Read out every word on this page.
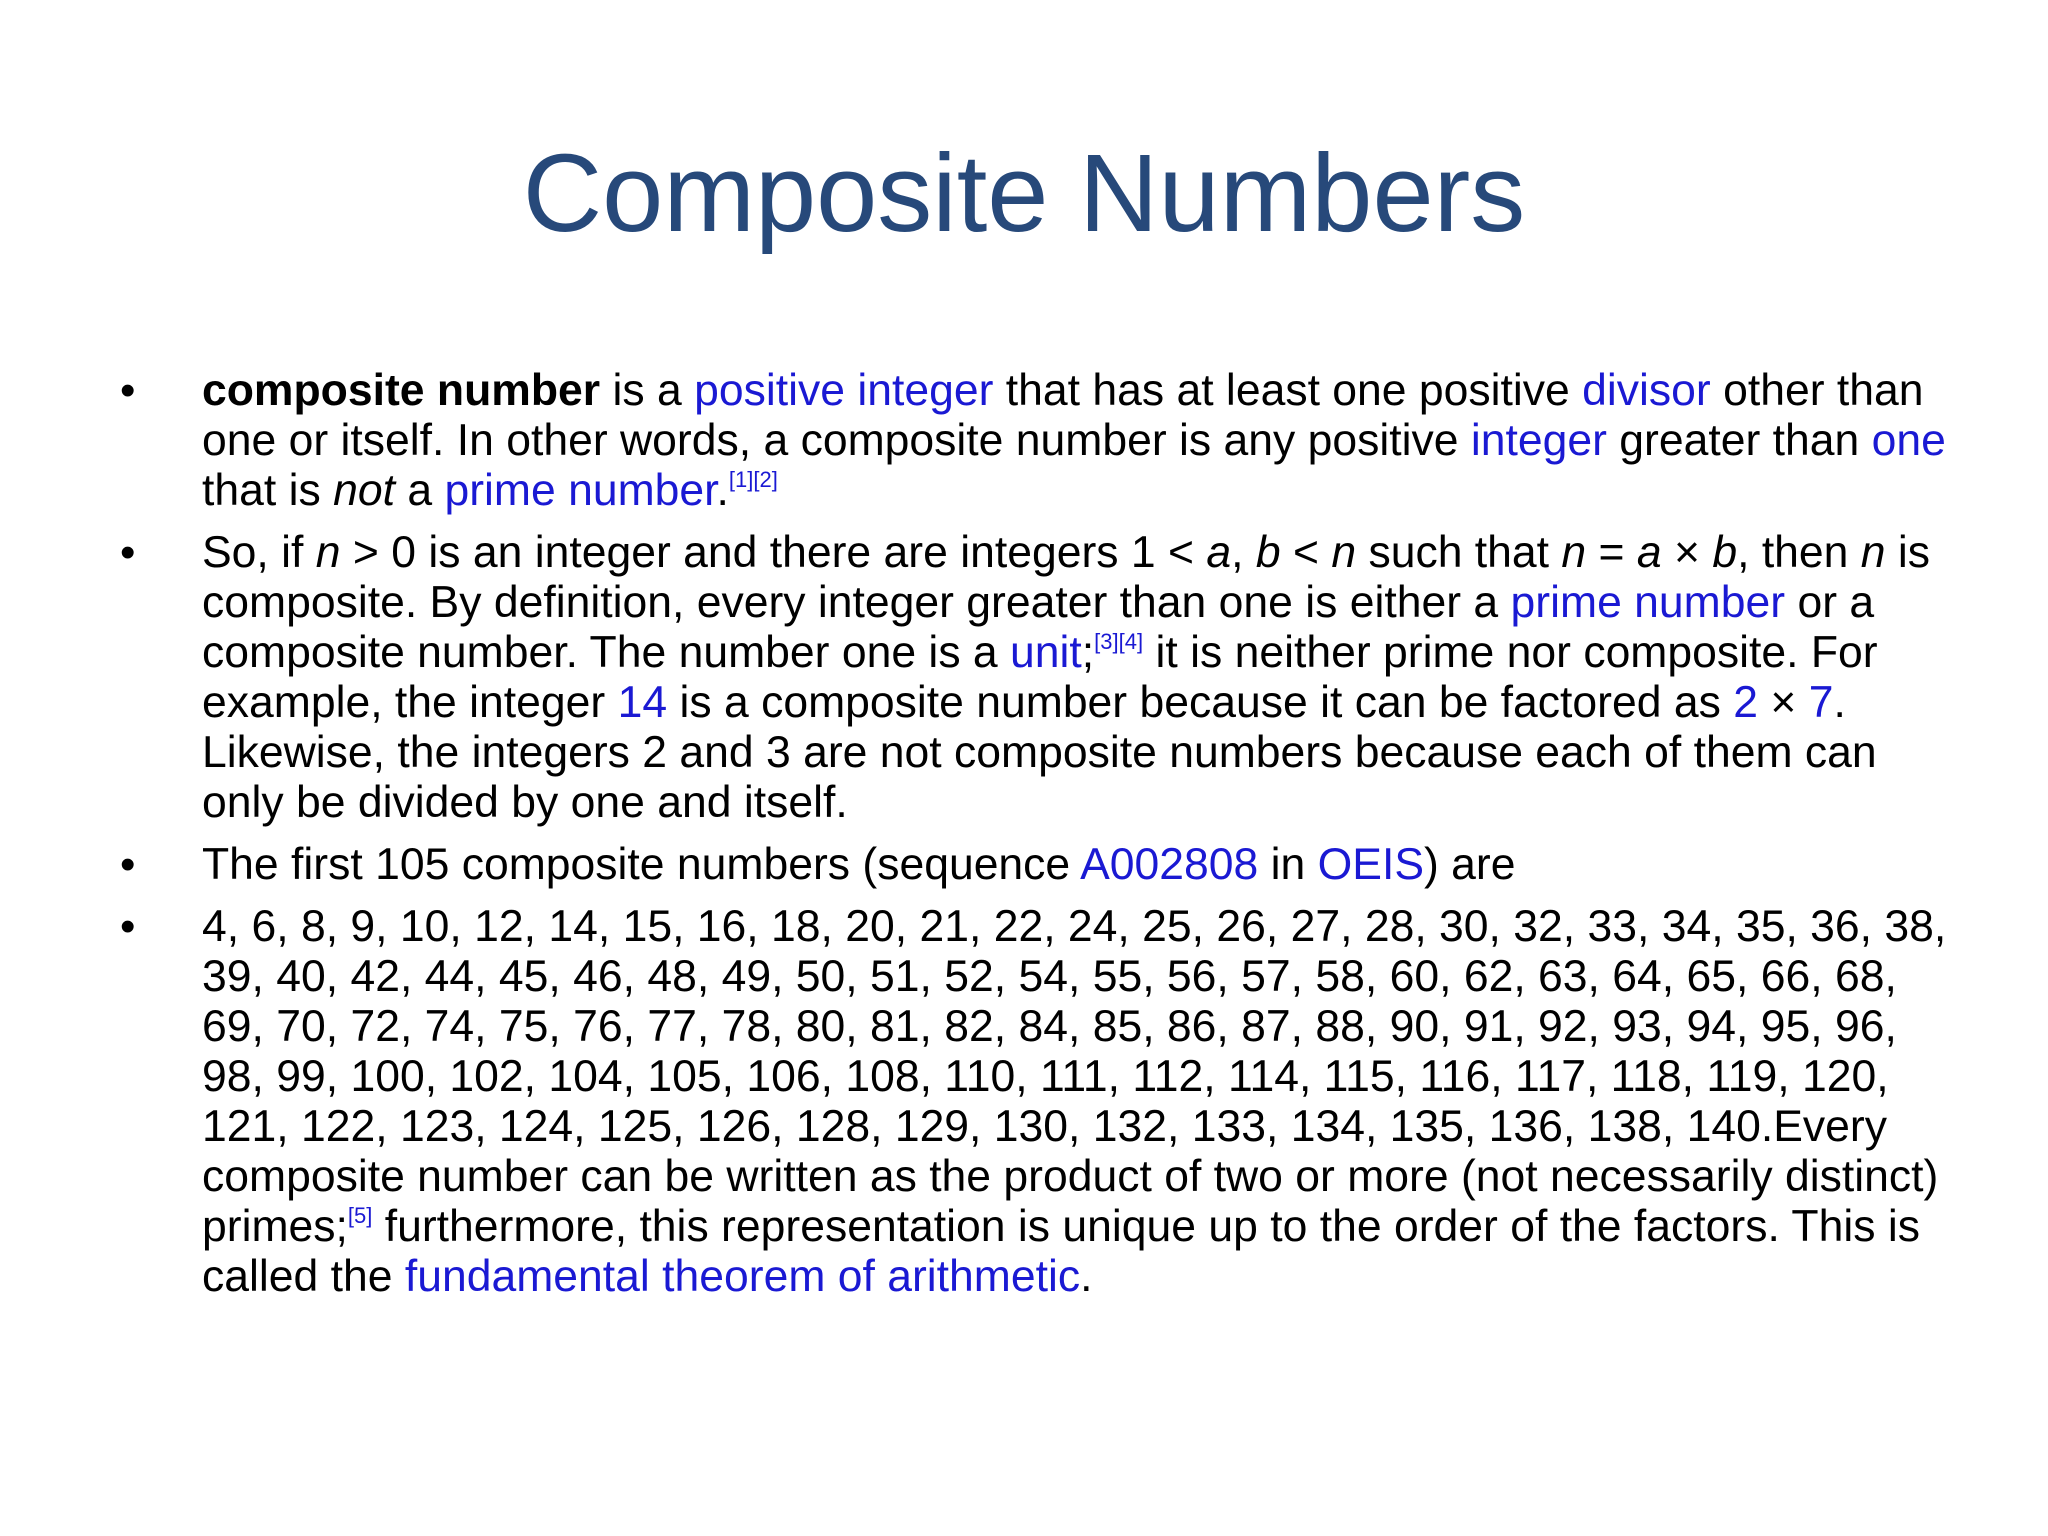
Composite Numbers
• composite number is a positive integer that has at least one positive divisor other than one or itself. In other words, a composite number is any positive integer greater than one that is not a prime number.[1][2]
• So, if n > 0 is an integer and there are integers 1 < a, b < n such that n = a × b, then n is composite. By definition, every integer greater than one is either a prime number or a composite number. The number one is a unit;[3][4] it is neither prime nor composite. For example, the integer 14 is a composite number because it can be factored as 2 × 7. Likewise, the integers 2 and 3 are not composite numbers because each of them can only be divided by one and itself.
• The first 105 composite numbers (sequence A002808 in OEIS) are
• 4, 6, 8, 9, 10, 12, 14, 15, 16, 18, 20, 21, 22, 24, 25, 26, 27, 28, 30, 32, 33, 34, 35, 36, 38, 39, 40, 42, 44, 45, 46, 48, 49, 50, 51, 52, 54, 55, 56, 57, 58, 60, 62, 63, 64, 65, 66, 68, 69, 70, 72, 74, 75, 76, 77, 78, 80, 81, 82, 84, 85, 86, 87, 88, 90, 91, 92, 93, 94, 95, 96, 98, 99, 100, 102, 104, 105, 106, 108, 110, 111, 112, 114, 115, 116, 117, 118, 119, 120, 121, 122, 123, 124, 125, 126, 128, 129, 130, 132, 133, 134, 135, 136, 138, 140.Every composite number can be written as the product of two or more (not necessarily distinct) primes;[5] furthermore, this representation is unique up to the order of the factors. This is called the fundamental theorem of arithmetic.
